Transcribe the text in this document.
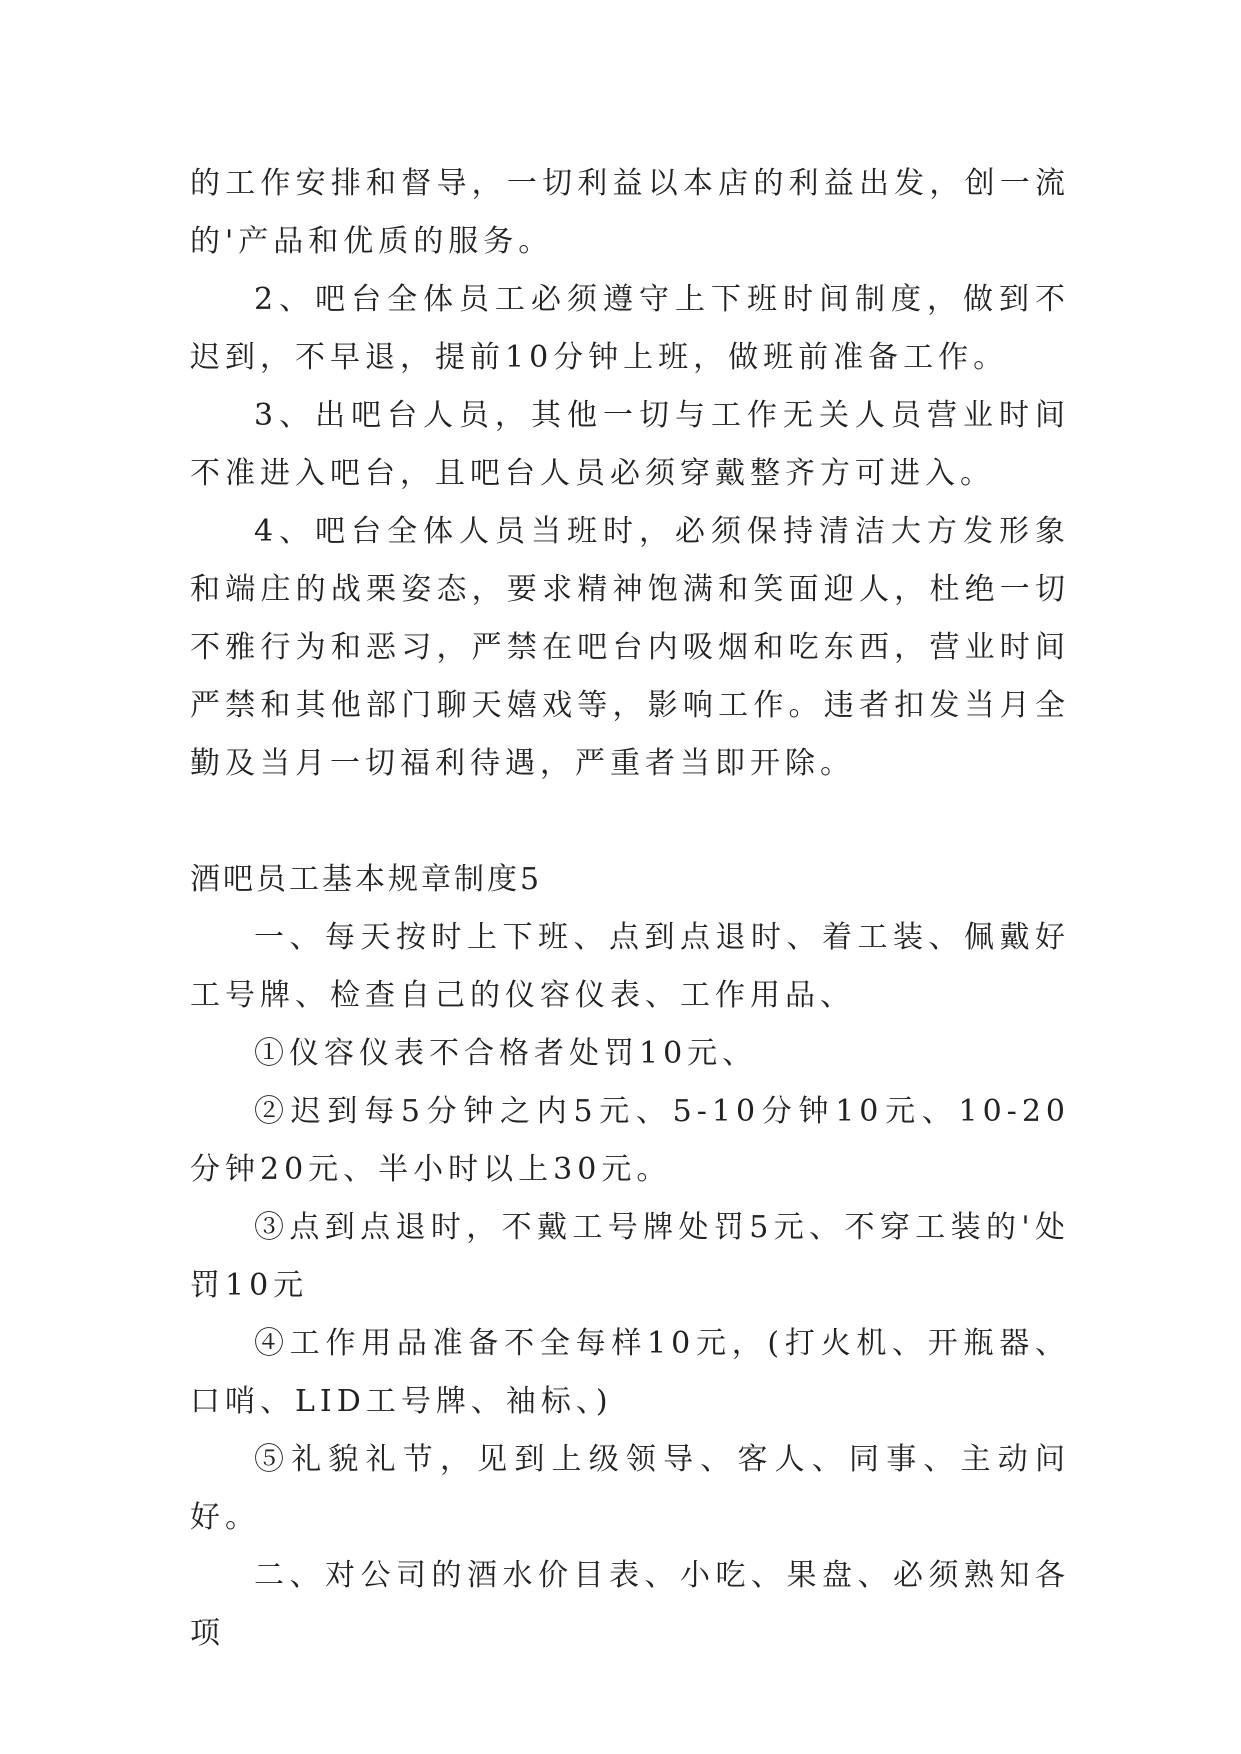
的工作安排和督导，一切利益以本店的利益出发，创一流的'产品和优质的服务。

2、吧台全体员工必须遵守上下班时间制度，做到不迟到，不早退，提前10分钟上班，做班前准备工作。

3、出吧台人员，其他一切与工作无关人员营业时间不准进入吧台，且吧台人员必须穿戴整齐方可进入。

4、吧台全体人员当班时，必须保持清洁大方发形象和端庄的战栗姿态，要求精神饱满和笑面迎人，杜绝一切不雅行为和恶习，严禁在吧台内吸烟和吃东西，营业时间严禁和其他部门聊天嬉戏等，影响工作。违者扣发当月全勤及当月一切福利待遇，严重者当即开除。

酒吧员工基本规章制度5

一、每天按时上下班、点到点退时、着工装、佩戴好工号牌、检查自己的仪容仪表、工作用品、

①仪容仪表不合格者处罚10元、

②迟到每5分钟之内5元、5-10分钟10元、10-20分钟20元、半小时以上30元。

③点到点退时，不戴工号牌处罚5元、不穿工装的'处罚10元

④工作用品准备不全每样10元，(打火机、开瓶器、口哨、LID工号牌、袖标、)

⑤礼貌礼节，见到上级领导、客人、同事、主动问好。

二、对公司的酒水价目表、小吃、果盘、必须熟知各项
